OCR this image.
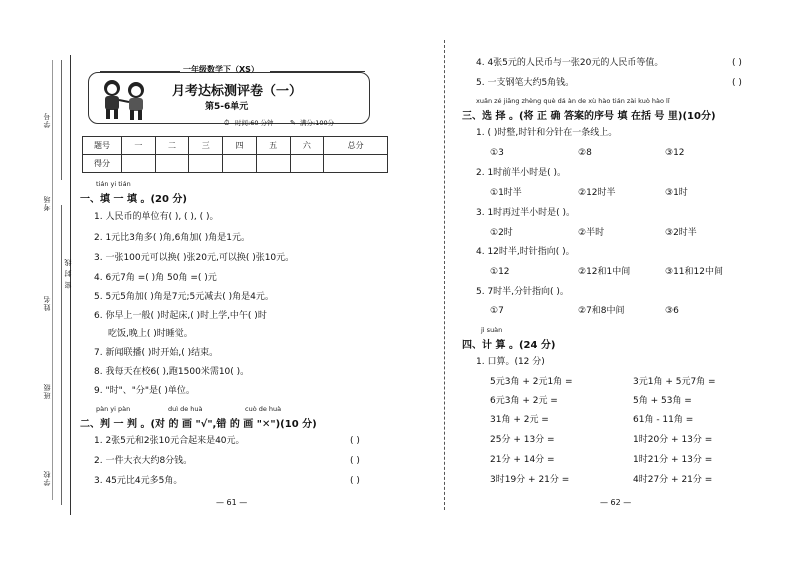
学号
考场
密 封 线
姓名
班级
学校
一年级数学下（XS）
月考达标测评卷（一）
第5-6单元
⏱ 时间:60 分钟 ✎ 满分:100分
题号	一	二	三	四	五	六	总分
得分							
tián yi tián
一、填 一 填 。(20 分)
1. 人民币的单位有( ), ( ), ( )。
2. 1元比3角多( )角,6角加( )角是1元。
3. 一张100元可以换( )张20元,可以换( )张10元。
4. 6元7角 =( )角 50角 =( )元
5. 5元5角加( )角是7元;5元减去( )角是4元。
6. 你早上一般( )时起床,( )时上学,中午( )时
吃饭,晚上( )时睡觉。
7. 新闻联播( )时开始,( )结束。
8. 我每天在校6( ),跑1500米需10( )。
9. "时"、"分"是( )单位。
pàn yi pàn	duì de huà	cuò de huà
二、判 一 判 。(对 的 画 "√",错 的 画 "✕")(10 分)
1. 2张5元和2张10元合起来是40元。	( )
2. 一件大衣大约8分钱。	( )
3. 45元比4元多5角。	( )
— 61 —
4. 4张5元的人民币与一张20元的人民币等值。	( )
5. 一支钢笔大约5角钱。	( )
xuǎn zé jiāng zhèng què dá àn de xù hào tián zài kuò hào lǐ
三、选 择 。(将 正 确 答案的序号 填 在括 号 里)(10分)
1. ( )时整,时针和分针在一条线上。
①3	②8	③12
2. 1时前半小时是( )。
①1时半	②12时半	③1时
3. 1时再过半小时是( )。
①2时	②半时	③2时半
4. 12时半,时针指向( )。
①12	②12和1中间	③11和12中间
5. 7时半,分针指向( )。
①7	②7和8中间	③6
jì suàn
四、计 算 。(24 分)
1. 口算。(12 分)
5元3角 + 2元1角 =	3元1角 + 5元7角 =
6元3角 + 2元 =	5角 + 53角 =
31角 + 2元 =	61角 - 11角 =
25分 + 13分 =	1时20分 + 13分 =
21分 + 14分 =	1时21分 + 13分 =
3时19分 + 21分 =	4时27分 + 21分 =
— 62 —
